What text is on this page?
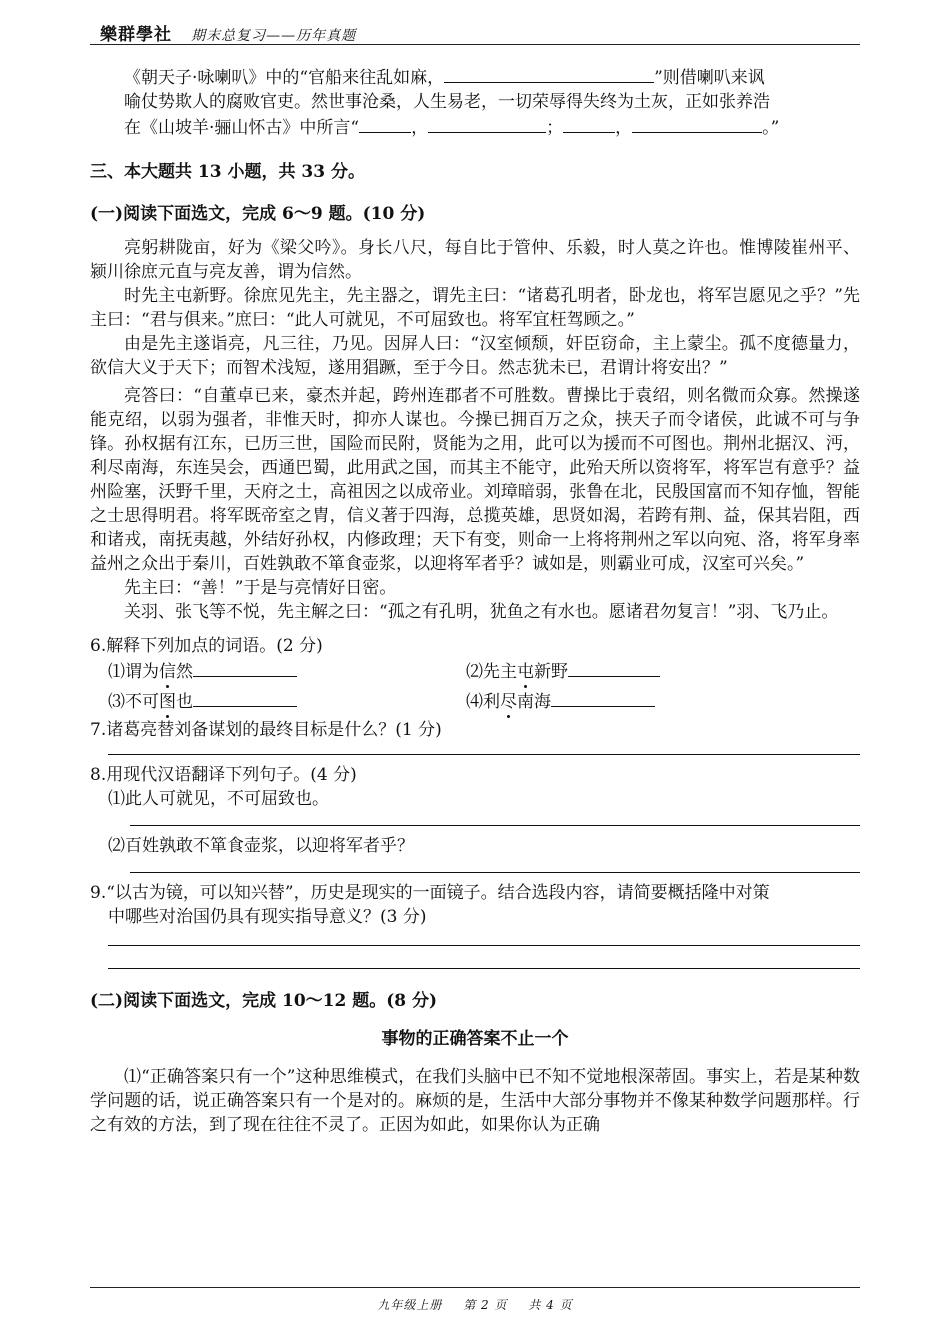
樂群學社 期末总复习——历年真题

《朝天子·咏喇叭》中的“官船来往乱如麻，	”则借喇叭来讽

喻仗势欺人的腐败官吏。然世事沧桑，人生易老，一切荣辱得失终为土灰，正如张养浩

在《山坡羊·骊山怀古》中所言“	，	；	，	。”

三、本大题共 13 小题，共 33 分。

(一)阅读下面选文，完成 6～9 题。(10 分)

亮躬耕陇亩，好为《梁父吟》。身长八尺，每自比于管仲、乐毅，时人莫之许也。惟博陵崔州平、颍川徐庶元直与亮友善，谓为信然。

时先主屯新野。徐庶见先主，先主器之，谓先主曰：“诸葛孔明者，卧龙也，将军岂愿见之乎？”先主曰：“君与俱来。”庶曰：“此人可就见，不可屈致也。将军宜枉驾顾之。”

由是先主遂诣亮，凡三往，乃见。因屏人曰：“汉室倾颓，奸臣窃命，主上蒙尘。孤不度德量力，欲信大义于天下；而智术浅短，遂用猖蹶，至于今日。然志犹未已，君谓计将安出？”

亮答曰：“自董卓已来，豪杰并起，跨州连郡者不可胜数。曹操比于袁绍，则名微而众寡。然操遂能克绍，以弱为强者，非惟天时，抑亦人谋也。今操已拥百万之众，挟天子而令诸侯，此诚不可与争锋。孙权据有江东，已历三世，国险而民附，贤能为之用，此可以为援而不可图也。荆州北据汉、沔，利尽南海，东连吴会，西通巴蜀，此用武之国，而其主不能守，此殆天所以资将军，将军岂有意乎？益州险塞，沃野千里，天府之土，高祖因之以成帝业。刘璋暗弱，张鲁在北，民殷国富而不知存恤，智能之士思得明君。将军既帝室之胄，信义著于四海，总揽英雄，思贤如渴，若跨有荆、益，保其岩阻，西和诸戎，南抚夷越，外结好孙权，内修政理；天下有变，则命一上将将荆州之军以向宛、洛，将军身率益州之众出于秦川，百姓孰敢不箪食壶浆，以迎将军者乎？诚如是，则霸业可成，汉室可兴矣。”

先主曰：“善！”于是与亮情好日密。

关羽、张飞等不悦，先主解之曰：“孤之有孔明，犹鱼之有水也。愿诸君勿复言！”羽、飞乃止。

6.解释下列加点的词语。(2 分)

⑴谓为信然	⑵先主屯新野
⑶不可图也	⑷利尽南海

7.诸葛亮替刘备谋划的最终目标是什么？(1 分)

8.用现代汉语翻译下列句子。(4 分)

⑴此人可就见，不可屈致也。

⑵百姓孰敢不箪食壶浆，以迎将军者乎？

9.“以古为镜，可以知兴替”，历史是现实的一面镜子。结合选段内容，请简要概括隆中对策

中哪些对治国仍具有现实指导意义？(3 分)

(二)阅读下面选文，完成 10～12 题。(8 分)

事物的正确答案不止一个

⑴“正确答案只有一个”这种思维模式，在我们头脑中已不知不觉地根深蒂固。事实上，若是某种数学问题的话，说正确答案只有一个是对的。麻烦的是，生活中大部分事物并不像某种数学问题那样。行之有效的方法，到了现在往往不灵了。正因为如此，如果你认为正确

九年级上册 第 2 页 共 4 页
